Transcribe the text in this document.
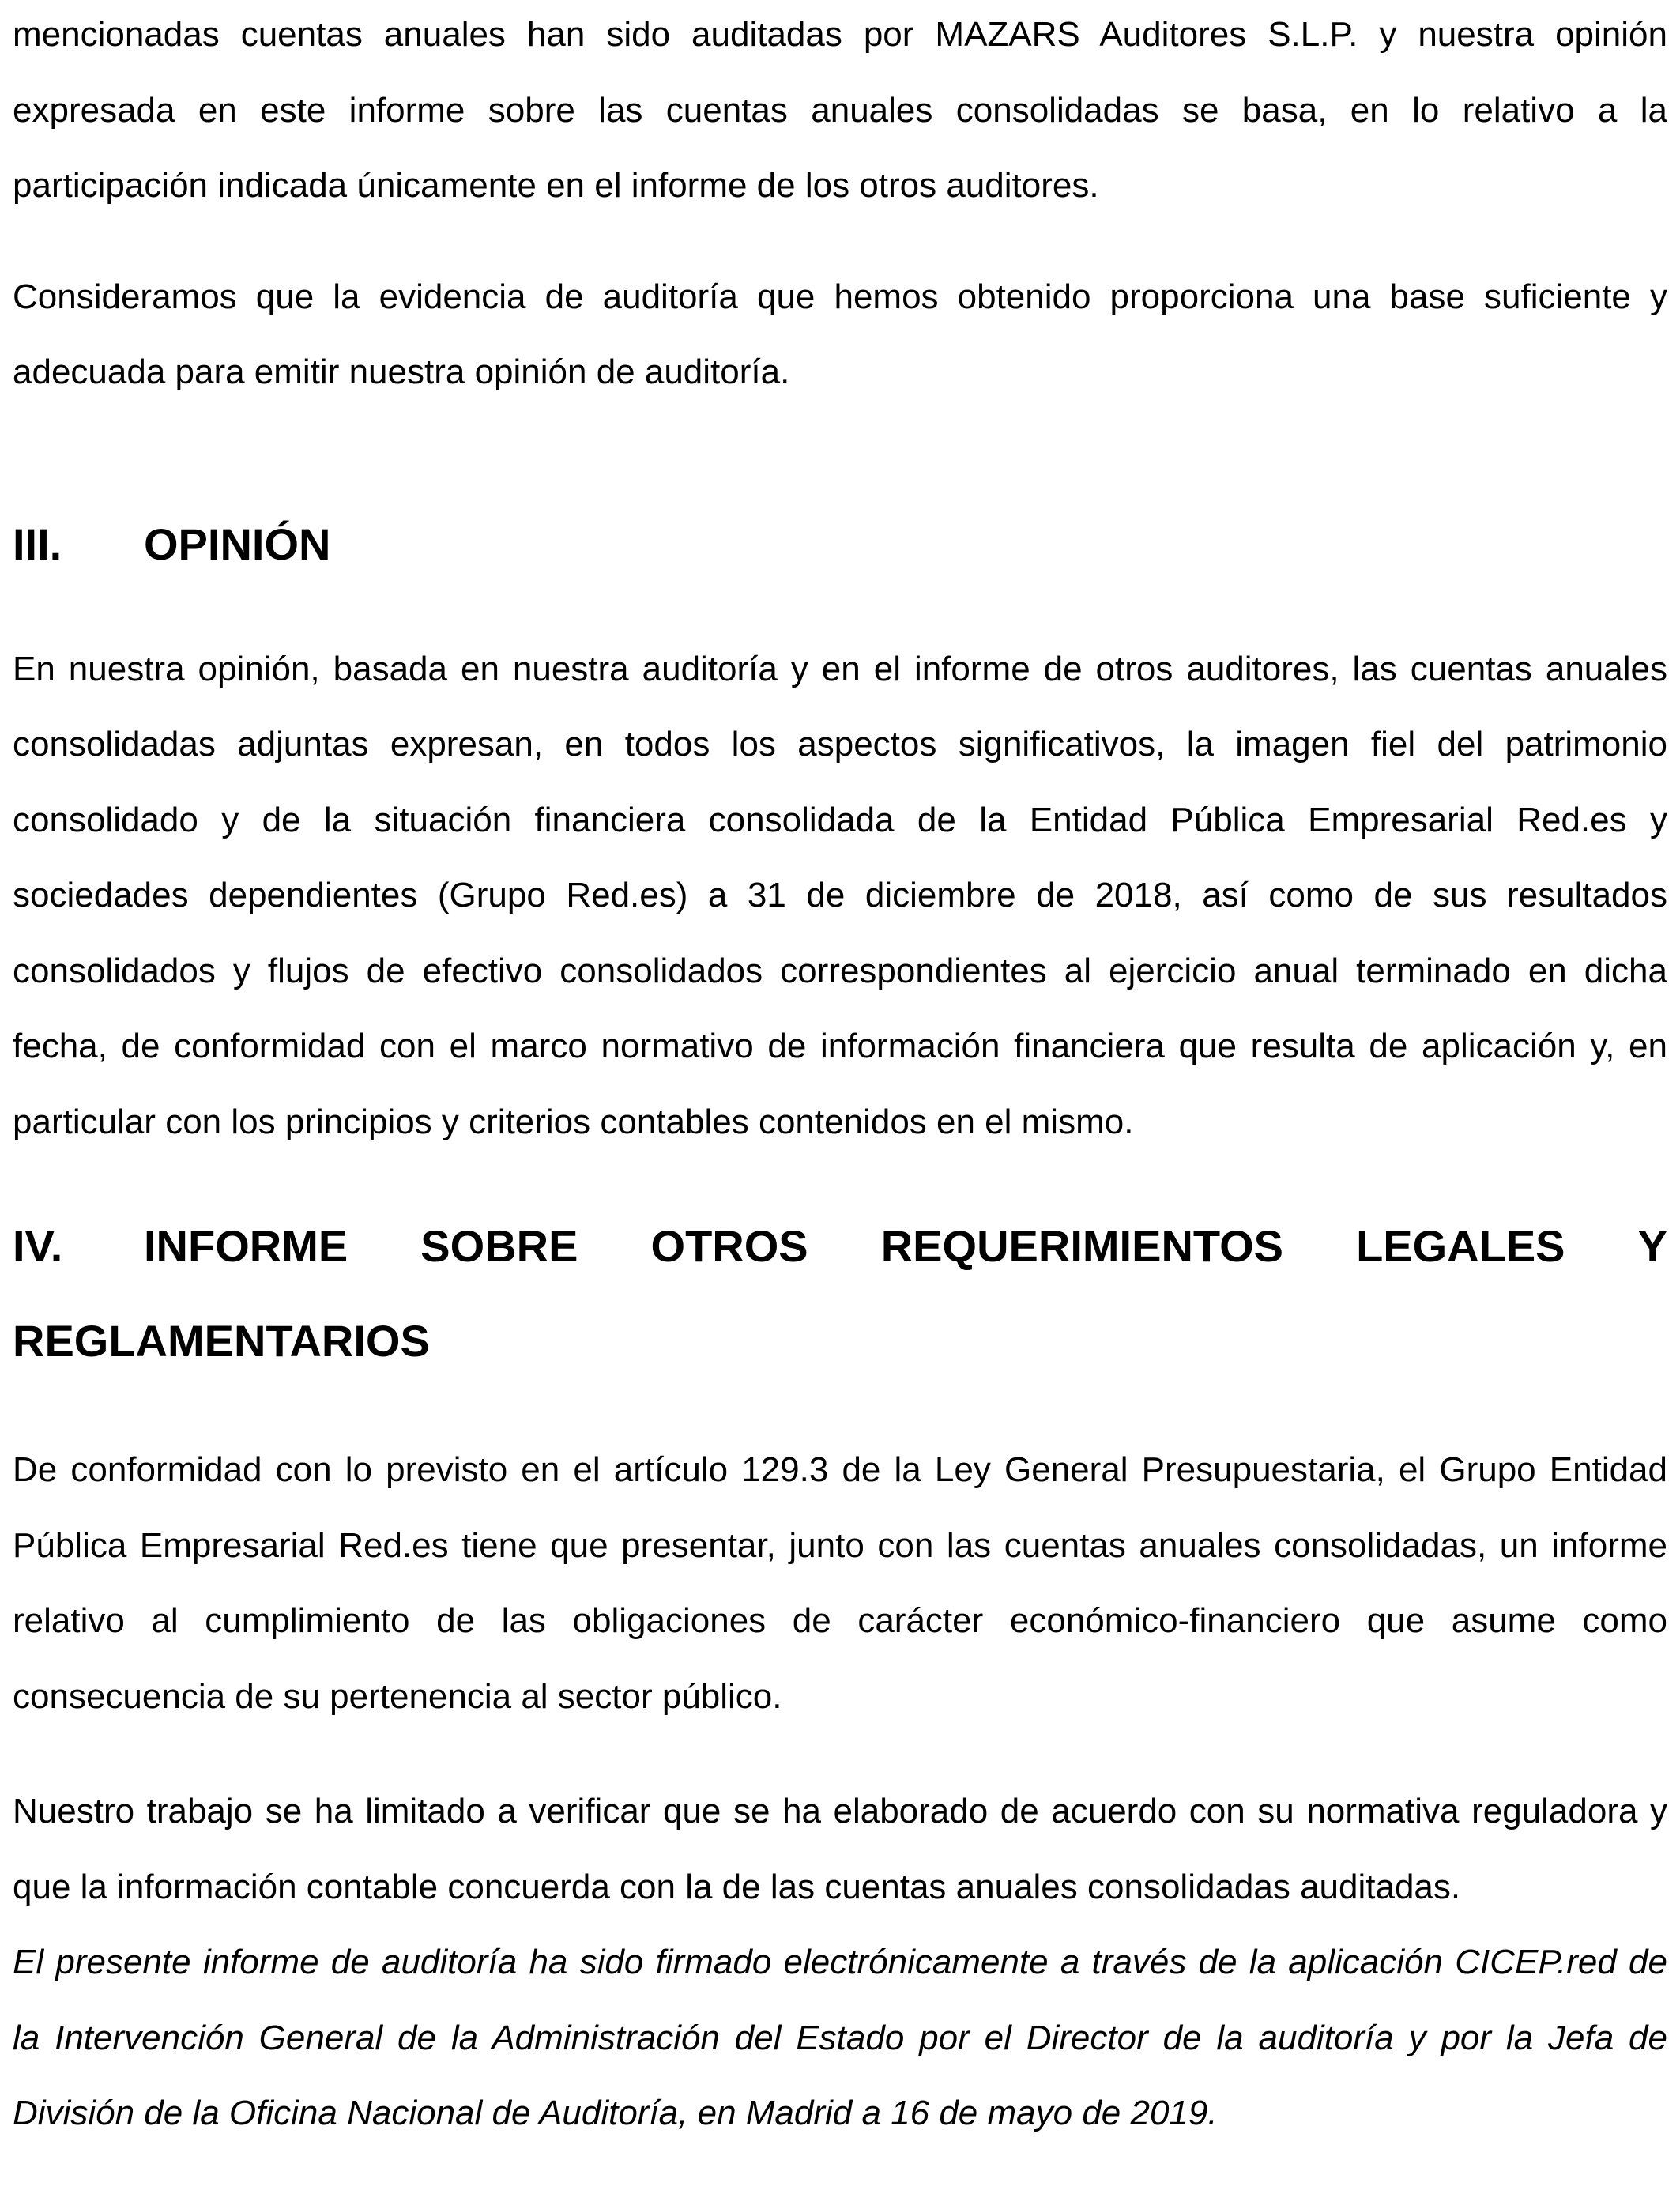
mencionadas cuentas anuales han sido auditadas por MAZARS Auditores S.L.P. y nuestra opinión expresada en este informe sobre las cuentas anuales consolidadas se basa, en lo relativo a la participación indicada únicamente en el informe de los otros auditores.

Consideramos que la evidencia de auditoría que hemos obtenido proporciona una base suficiente y adecuada para emitir nuestra opinión de auditoría.

III.	OPINIÓN

En nuestra opinión, basada en nuestra auditoría y en el informe de otros auditores, las cuentas anuales consolidadas adjuntas expresan, en todos los aspectos significativos, la imagen fiel del patrimonio consolidado y de la situación financiera consolidada de la Entidad Pública Empresarial Red.es y sociedades dependientes (Grupo Red.es) a 31 de diciembre de 2018, así como de sus resultados consolidados y flujos de efectivo consolidados correspondientes al ejercicio anual terminado en dicha fecha, de conformidad con el marco normativo de información financiera que resulta de aplicación y, en particular con los principios y criterios contables contenidos en el mismo.

IV.	INFORME SOBRE OTROS REQUERIMIENTOS LEGALES Y
REGLAMENTARIOS

De conformidad con lo previsto en el artículo 129.3 de la Ley General Presupuestaria, el Grupo Entidad Pública Empresarial Red.es tiene que presentar, junto con las cuentas anuales consolidadas, un informe relativo al cumplimiento de las obligaciones de carácter económico-financiero que asume como consecuencia de su pertenencia al sector público.

Nuestro trabajo se ha limitado a verificar que se ha elaborado de acuerdo con su normativa reguladora y que la información contable concuerda con la de las cuentas anuales consolidadas auditadas.

El presente informe de auditoría ha sido firmado electrónicamente a través de la aplicación CICEP.red de la Intervención General de la Administración del Estado por el Director de la auditoría y por la Jefa de División de la Oficina Nacional de Auditoría, en Madrid a 16 de mayo de 2019.
